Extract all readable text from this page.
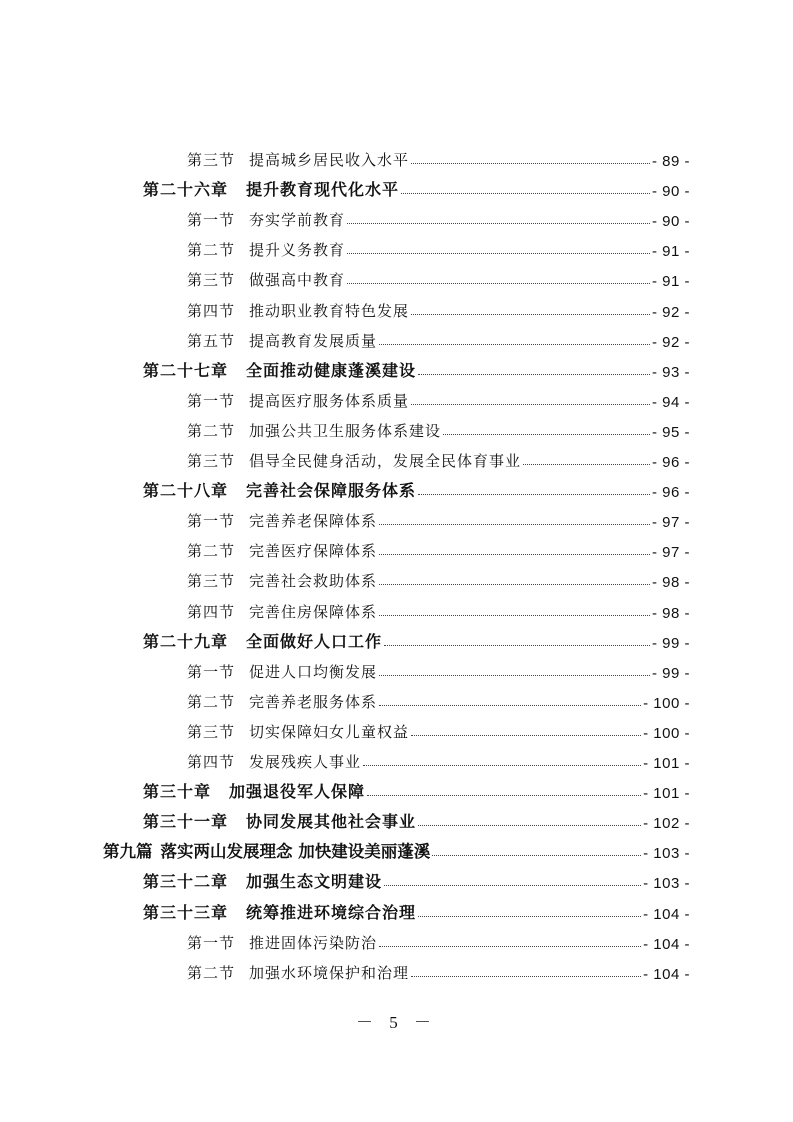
第三节 提高城乡居民收入水平	- 89 -
第二十六章 提升教育现代化水平	- 90 -
第一节 夯实学前教育	- 90 -
第二节 提升义务教育	- 91 -
第三节 做强高中教育	- 91 -
第四节 推动职业教育特色发展	- 92 -
第五节 提高教育发展质量	- 92 -
第二十七章 全面推动健康蓬溪建设	- 93 -
第一节 提高医疗服务体系质量	- 94 -
第二节 加强公共卫生服务体系建设	- 95 -
第三节 倡导全民健身活动，发展全民体育事业	- 96 -
第二十八章 完善社会保障服务体系	- 96 -
第一节 完善养老保障体系	- 97 -
第二节 完善医疗保障体系	- 97 -
第三节 完善社会救助体系	- 98 -
第四节 完善住房保障体系	- 98 -
第二十九章 全面做好人口工作	- 99 -
第一节 促进人口均衡发展	- 99 -
第二节 完善养老服务体系	- 100 -
第三节 切实保障妇女儿童权益	- 100 -
第四节 发展残疾人事业	- 101 -
第三十章 加强退役军人保障	- 101 -
第三十一章 协同发展其他社会事业	- 102 -
第九篇 落实两山发展理念 加快建设美丽蓬溪	- 103 -
第三十二章 加强生态文明建设	- 103 -
第三十三章 统筹推进环境综合治理	- 104 -
第一节 推进固体污染防治	- 104 -
第二节 加强水环境保护和治理	- 104 -
－ 5 －
